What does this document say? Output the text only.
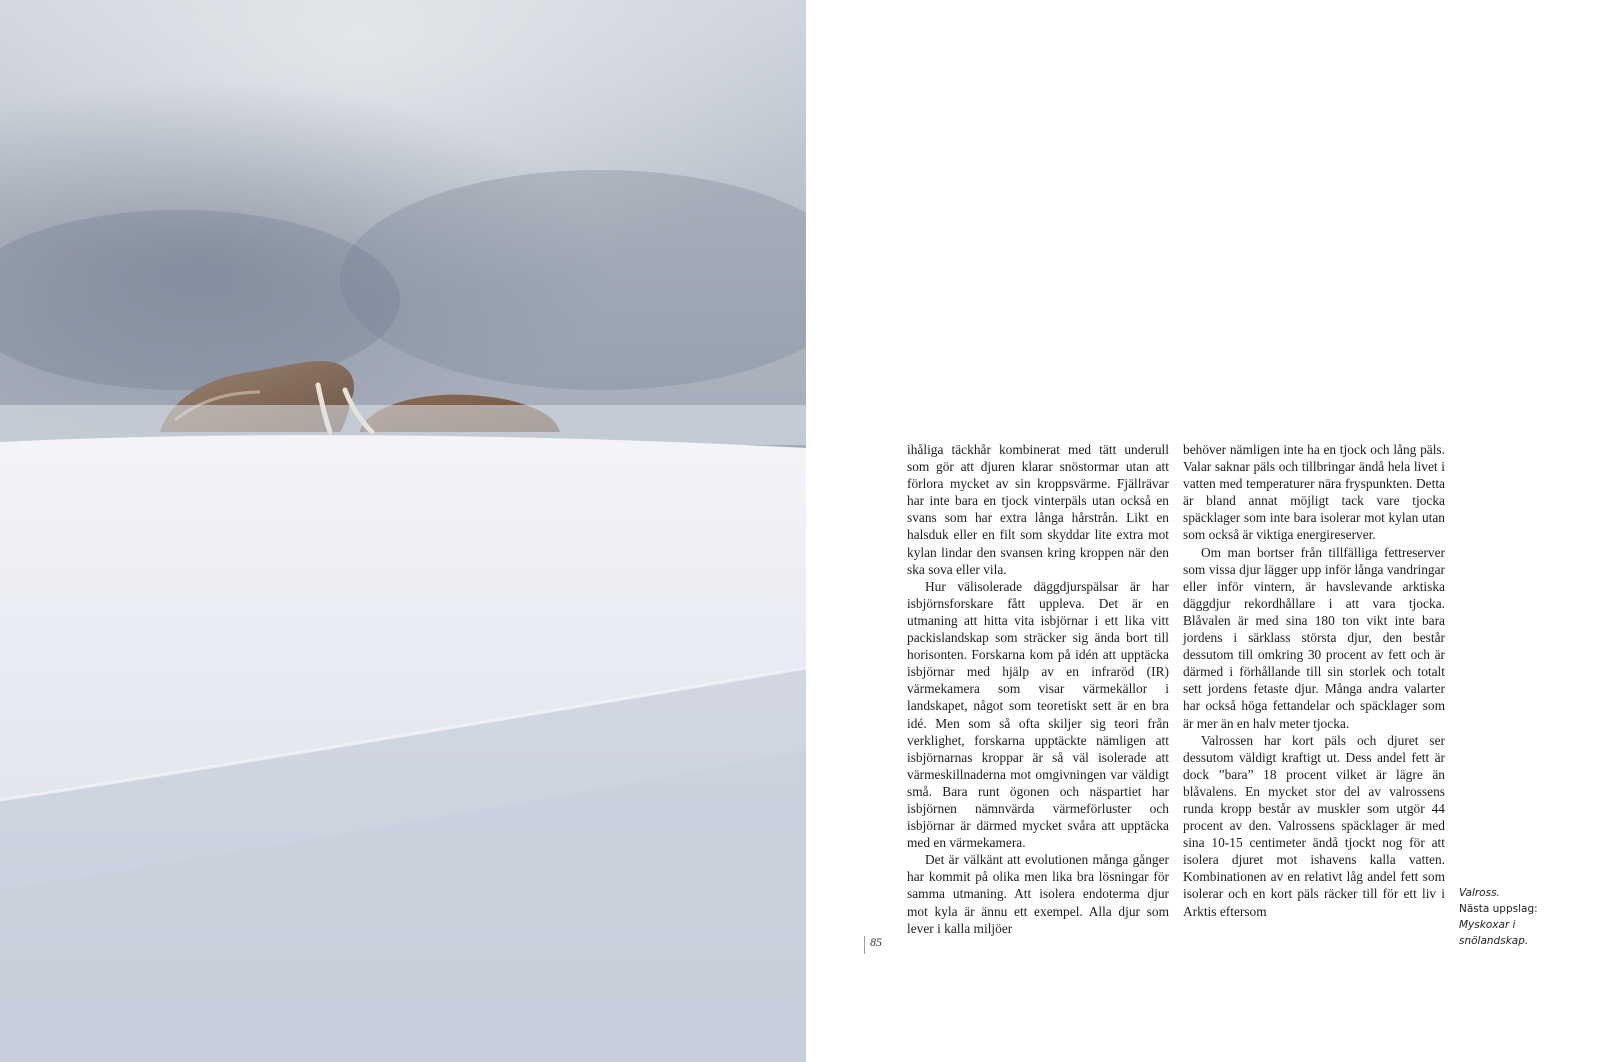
85

ihåliga täckhår kombinerat med tätt underull som gör att djuren klarar snöstormar utan att förlora mycket av sin kroppsvärme. Fjällrävar har inte bara en tjock vinterpäls utan också en svans som har extra långa hårstrån. Likt en halsduk eller en filt som skyddar lite extra mot kylan lindar den svansen kring kroppen när den ska sova eller vila.

Hur välisolerade däggdjurspälsar är har isbjörnsforskare fått uppleva. Det är en utmaning att hitta vita isbjörnar i ett lika vitt packislandskap som sträcker sig ända bort till horisonten. Forskarna kom på idén att upptäcka isbjörnar med hjälp av en infraröd (IR) värmekamera som visar värmekällor i landskapet, något som teoretiskt sett är en bra idé. Men som så ofta skiljer sig teori från verklighet, forskarna upptäckte nämligen att isbjörnarnas kroppar är så väl isolerade att värmeskillnaderna mot omgivningen var väldigt små. Bara runt ögonen och näspartiet har isbjörnen nämnvärda värmeförluster och isbjörnar är därmed mycket svåra att upptäcka med en värmekamera.

Det är välkänt att evolutionen många gånger har kommit på olika men lika bra lösningar för samma utmaning. Att isolera endoterma djur mot kyla är ännu ett exempel. Alla djur som lever i kalla miljöer

behöver nämligen inte ha en tjock och lång päls. Valar saknar päls och tillbringar ändå hela livet i vatten med temperaturer nära fryspunkten. Detta är bland annat möjligt tack vare tjocka späcklager som inte bara isolerar mot kylan utan som också är viktiga energireserver.

Om man bortser från tillfälliga fettreserver som vissa djur lägger upp inför långa vandringar eller inför vintern, är havslevande arktiska däggdjur rekordhållare i att vara tjocka. Blåvalen är med sina 180 ton vikt inte bara jordens i särklass största djur, den består dessutom till omkring 30 procent av fett och är därmed i förhållande till sin storlek och totalt sett jordens fetaste djur. Många andra valarter har också höga fettandelar och späcklager som är mer än en halv meter tjocka.

Valrossen har kort päls och djuret ser dessutom väldigt kraftigt ut. Dess andel fett är dock ”bara” 18 procent vilket är lägre än blåvalens. En mycket stor del av valrossens runda kropp består av muskler som utgör 44 procent av den. Valrossens späcklager är med sina 10-15 centimeter ändå tjockt nog för att isolera djuret mot ishavens kalla vatten. Kombinationen av en relativt låg andel fett som isolerar och en kort päls räcker till för ett liv i Arktis eftersom

Valross.
Nästa uppslag:
Myskoxar i snölandskap.
